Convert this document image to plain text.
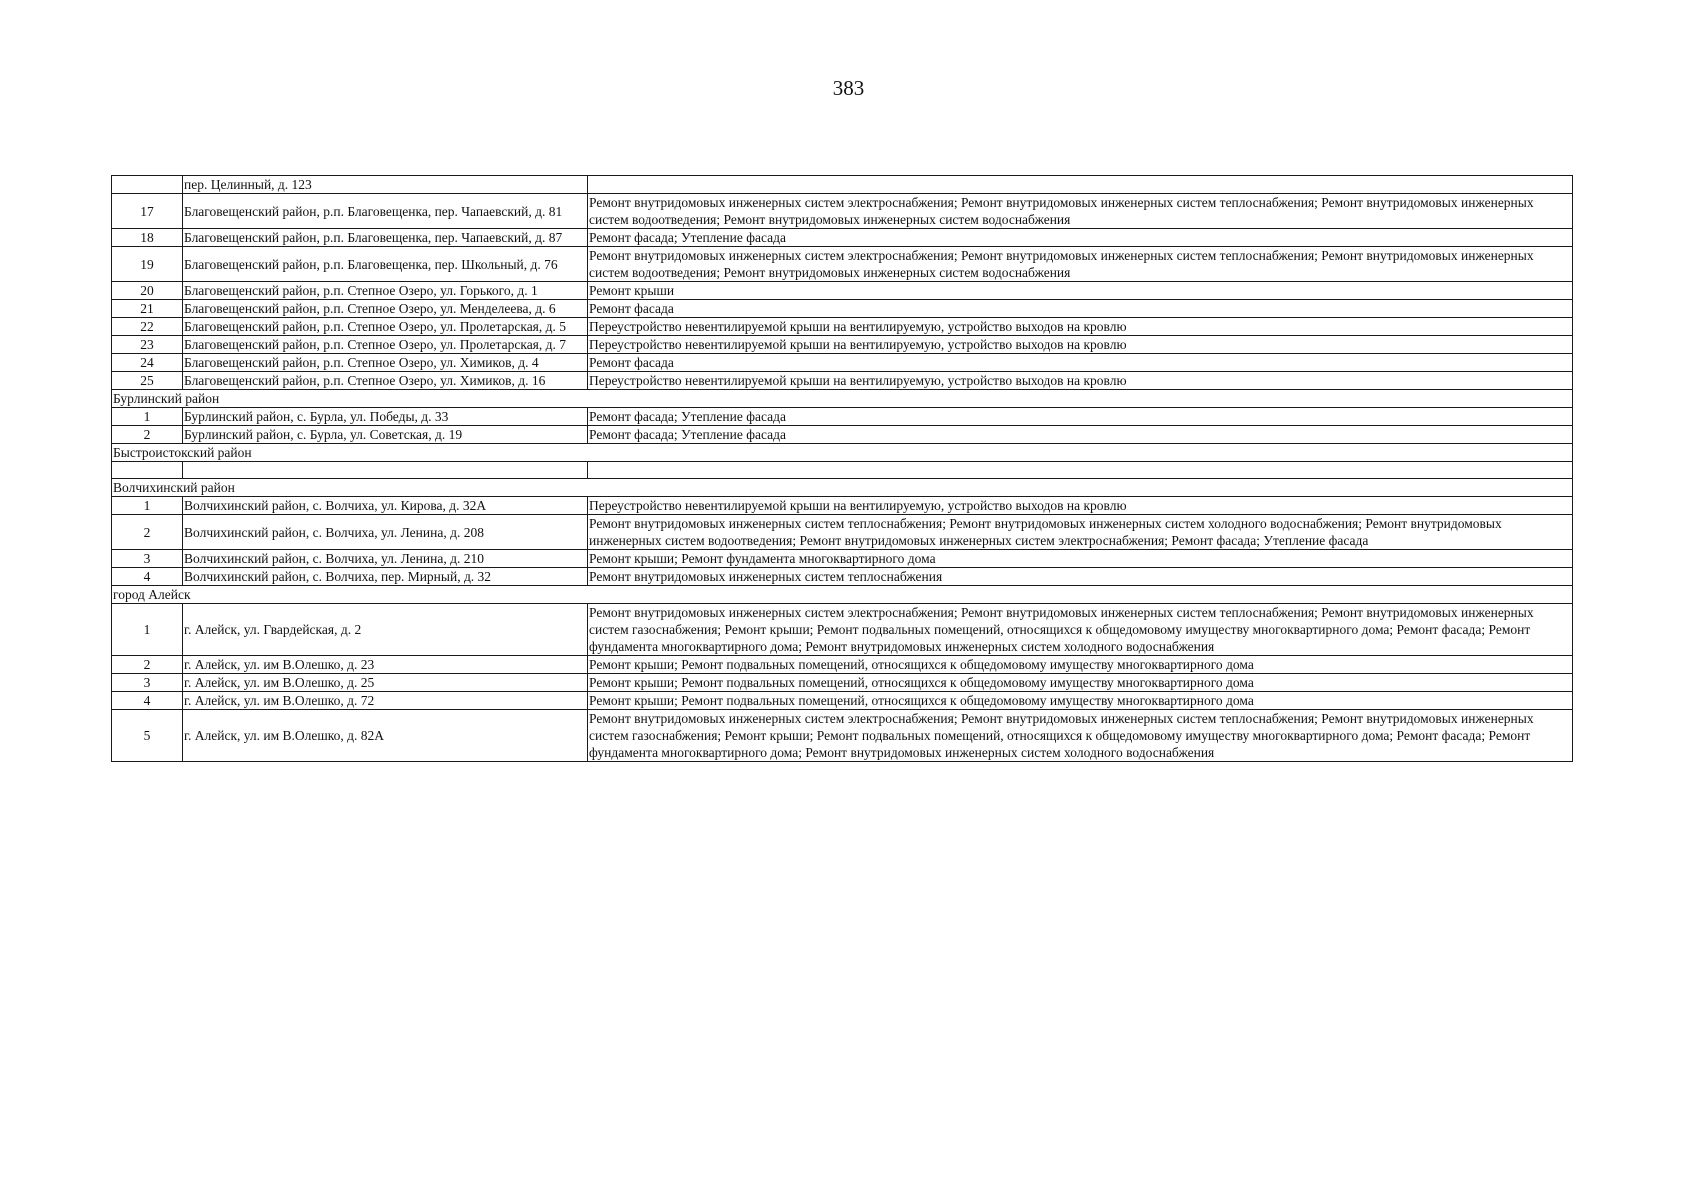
383
	пер. Целинный, д. 123	
17	Благовещенский район, р.п. Благовещенка, пер. Чапаевский, д. 81	Ремонт внутридомовых инженерных систем электроснабжения; Ремонт внутридомовых инженерных систем теплоснабжения; Ремонт внутридомовых инженерных систем водоотведения; Ремонт внутридомовых инженерных систем водоснабжения
18	Благовещенский район, р.п. Благовещенка, пер. Чапаевский, д. 87	Ремонт фасада; Утепление фасада
19	Благовещенский район, р.п. Благовещенка, пер. Школьный, д. 76	Ремонт внутридомовых инженерных систем электроснабжения; Ремонт внутридомовых инженерных систем теплоснабжения; Ремонт внутридомовых инженерных систем водоотведения; Ремонт внутридомовых инженерных систем водоснабжения
20	Благовещенский район, р.п. Степное Озеро, ул. Горького, д. 1	Ремонт крыши
21	Благовещенский район, р.п. Степное Озеро, ул. Менделеева, д. 6	Ремонт фасада
22	Благовещенский район, р.п. Степное Озеро, ул. Пролетарская, д. 5	Переустройство невентилируемой крыши на вентилируемую, устройство выходов на кровлю
23	Благовещенский район, р.п. Степное Озеро, ул. Пролетарская, д. 7	Переустройство невентилируемой крыши на вентилируемую, устройство выходов на кровлю
24	Благовещенский район, р.п. Степное Озеро, ул. Химиков, д. 4	Ремонт фасада
25	Благовещенский район, р.п. Степное Озеро, ул. Химиков, д. 16	Переустройство невентилируемой крыши на вентилируемую, устройство выходов на кровлю
Бурлинский район		
1	Бурлинский район, с. Бурла, ул. Победы, д. 33	Ремонт фасада; Утепление фасада
2	Бурлинский район, с. Бурла, ул. Советская, д. 19	Ремонт фасада; Утепление фасада
Быстроистокский район		

Волчихинский район		
1	Волчихинский район, с. Волчиха, ул. Кирова, д. 32А	Переустройство невентилируемой крыши на вентилируемую, устройство выходов на кровлю
2	Волчихинский район, с. Волчиха, ул. Ленина, д. 208	Ремонт внутридомовых инженерных систем теплоснабжения; Ремонт внутридомовых инженерных систем холодного водоснабжения; Ремонт внутридомовых инженерных систем водоотведения; Ремонт внутридомовых инженерных систем электроснабжения; Ремонт фасада; Утепление фасада
3	Волчихинский район, с. Волчиха, ул. Ленина, д. 210	Ремонт крыши; Ремонт фундамента многоквартирного дома
4	Волчихинский район, с. Волчиха, пер. Мирный, д. 32	Ремонт внутридомовых инженерных систем теплоснабжения
город Алейск		
1	г. Алейск, ул. Гвардейская, д. 2	Ремонт внутридомовых инженерных систем электроснабжения; Ремонт внутридомовых инженерных систем теплоснабжения; Ремонт внутридомовых инженерных систем газоснабжения; Ремонт крыши; Ремонт подвальных помещений, относящихся к общедомовому имуществу многоквартирного дома; Ремонт фасада; Ремонт фундамента многоквартирного дома; Ремонт внутридомовых инженерных систем холодного водоснабжения
2	г. Алейск, ул. им В.Олешко, д. 23	Ремонт крыши; Ремонт подвальных помещений, относящихся к общедомовому имуществу многоквартирного дома
3	г. Алейск, ул. им В.Олешко, д. 25	Ремонт крыши; Ремонт подвальных помещений, относящихся к общедомовому имуществу многоквартирного дома
4	г. Алейск, ул. им В.Олешко, д. 72	Ремонт крыши; Ремонт подвальных помещений, относящихся к общедомовому имуществу многоквартирного дома
5	г. Алейск, ул. им В.Олешко, д. 82А	Ремонт внутридомовых инженерных систем электроснабжения; Ремонт внутридомовых инженерных систем теплоснабжения; Ремонт внутридомовых инженерных систем газоснабжения; Ремонт крыши; Ремонт подвальных помещений, относящихся к общедомовому имуществу многоквартирного дома; Ремонт фасада; Ремонт фундамента многоквартирного дома; Ремонт внутридомовых инженерных систем холодного водоснабжения
